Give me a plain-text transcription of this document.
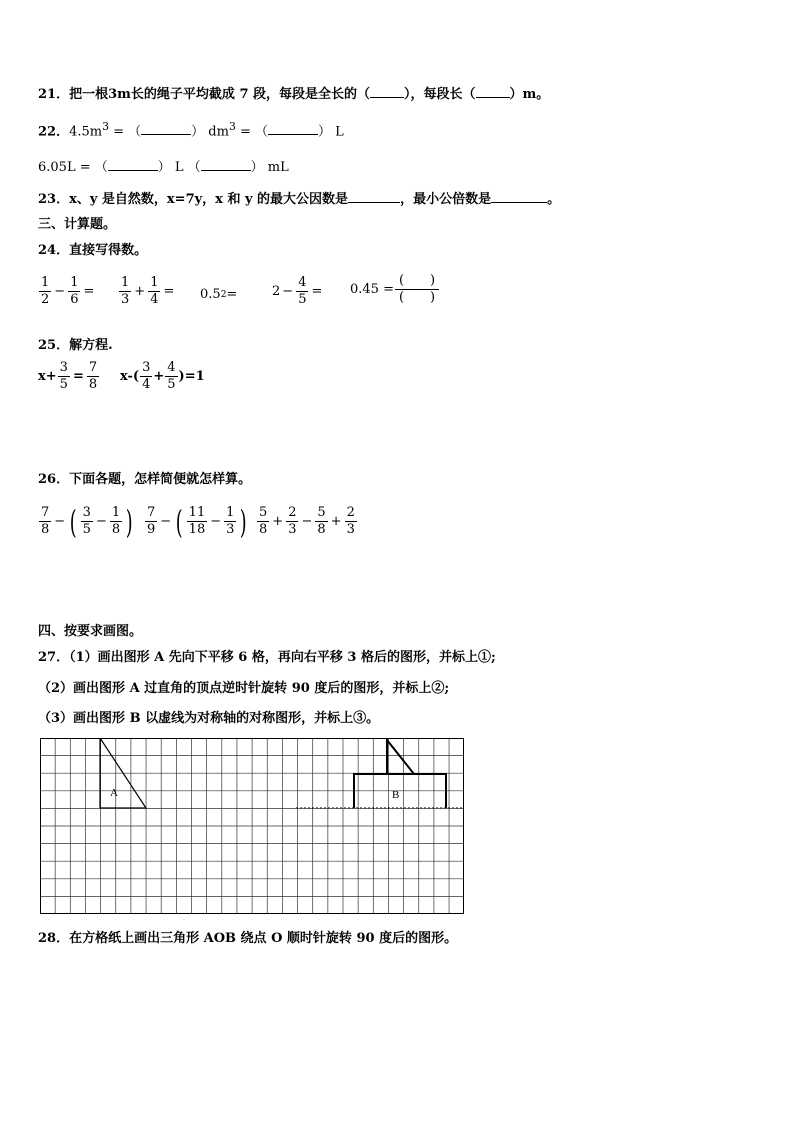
21．把一根3m长的绳子平均截成 7 段，每段是全长的（	），每段长（	）m。
22．$4.5m^3$ = （	） $dm^3$ = （	） L
6.05L = （	） L （	） mL
23．x、y 是自然数，x=7y，x 和 y 的最大公因数是	，最小公倍数是	。
三、计算题。
24．直接写得数。
$\frac{1}{2} - \frac{1}{6} = \frac{1}{3} + \frac{1}{4} = 0.5$ 2 =	$2 - \frac{4}{5} = 0.45 = \frac{( )}{( )}$
25．解方程.
$x+ \frac{3}{5} = \frac{7}{8} x-( \frac{3}{4} + \frac{4}{5} )=1$
26．下面各题，怎样简便就怎样算。
$\frac{7}{8}$ − ( $\frac{3}{5} - \frac{1}{8}$ ) $\frac{7}{9}$ − ( $\frac{11}{18} - \frac{1}{3}$ ) $\frac{5}{8} + \frac{2}{3} - \frac{5}{8} + \frac{2}{3}$
四、按要求画图。
27．（1）画出图形 A 先向下平移 6 格，再向右平移 3 格后的图形，并标上①;
（2）画出图形 A 过直角的顶点逆时针旋转 90 度后的图形，并标上②;
（3）画出图形 B 以虚线为对称轴的对称图形，并标上③。
A	B
28．在方格纸上画出三角形 AOB 绕点 O 顺时针旋转 90 度后的图形。
